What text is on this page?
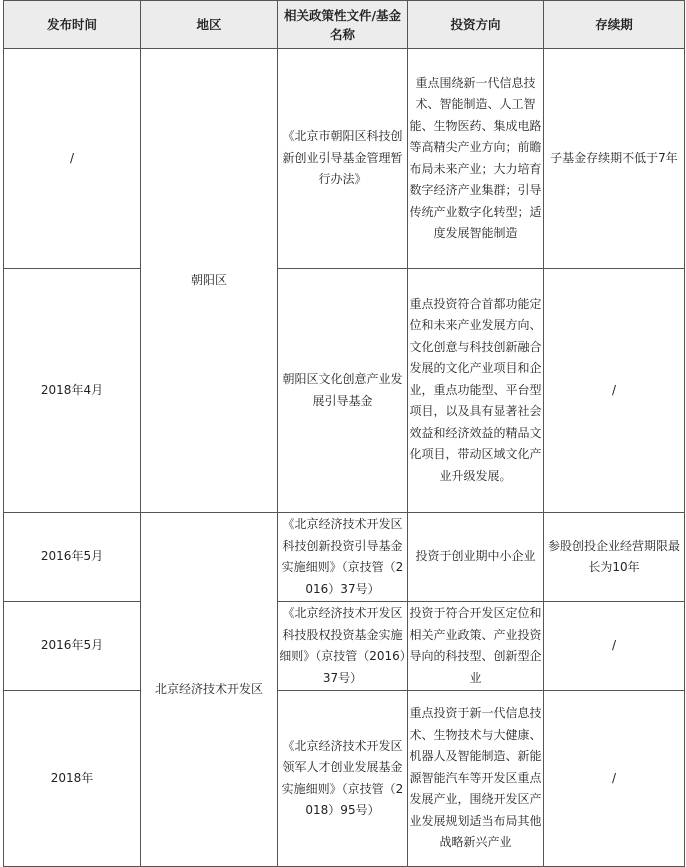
发布时间	地区	相关政策性文件/基金名称	投资方向	存续期
/	朝阳区	《北京市朝阳区科技创新创业引导基金管理暂行办法》	重点围绕新一代信息技术、智能制造、人工智能、生物医药、集成电路等高精尖产业方向；前瞻布局未来产业；大力培育数字经济产业集群；引导传统产业数字化转型；适度发展智能制造	子基金存续期不低于7年
2018年4月		朝阳区文化创意产业发展引导基金	重点投资符合首都功能定位和未来产业发展方向、文化创意与科技创新融合发展的文化产业项目和企业，重点功能型、平台型项目，以及具有显著社会效益和经济效益的精品文化项目，带动区域文化产业升级发展。	/
2016年5月	北京经济技术开发区	《北京经济技术开发区科技创新投资引导基金实施细则》（京技管（2016）37号）	投资于创业期中小企业	参股创投企业经营期限最长为10年
2016年5月		《北京经济技术开发区科技股权投资基金实施细则》（京技管（2016）37号）	投资于符合开发区定位和相关产业政策、产业投资导向的科技型、创新型企业	/
2018年		《北京经济技术开发区领军人才创业发展基金实施细则》（京技管（2018）95号）	重点投资于新一代信息技术、生物技术与大健康、机器人及智能制造、新能源智能汽车等开发区重点发展产业，围绕开发区产业发展规划适当布局其他战略新兴产业	/
